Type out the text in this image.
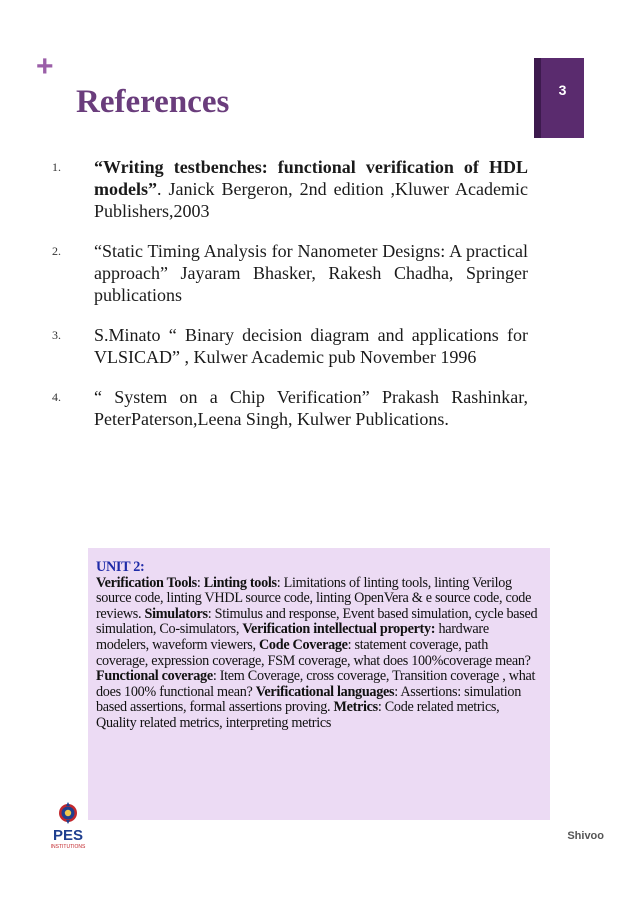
+
References	3
1. “Writing testbenches: functional verification of HDL models”. Janick Bergeron, 2nd edition ,Kluwer Academic Publishers,2003
2. “Static Timing Analysis for Nanometer Designs: A practical approach” Jayaram Bhasker, Rakesh Chadha, Springer publications
3. S.Minato “ Binary decision diagram and applications for VLSICAD” , Kulwer Academic pub November 1996
4. “ System on a Chip Verification” Prakash Rashinkar, PeterPaterson,Leena Singh, Kulwer Publications.
UNIT 2:
Verification Tools: Linting tools: Limitations of linting tools, linting Verilog source code, linting VHDL source code, linting OpenVera & e source code, code reviews. Simulators: Stimulus and response, Event based simulation, cycle based simulation, Co-simulators, Verification intellectual property: hardware modelers, waveform viewers, Code Coverage: statement coverage, path coverage, expression coverage, FSM coverage, what does 100%coverage mean? Functional coverage: Item Coverage, cross coverage, Transition coverage , what does 100% functional mean? Verificational languages: Assertions: simulation based assertions, formal assertions proving. Metrics: Code related metrics, Quality related metrics, interpreting metrics
PES
INSTITUTIONS
Shivoo
